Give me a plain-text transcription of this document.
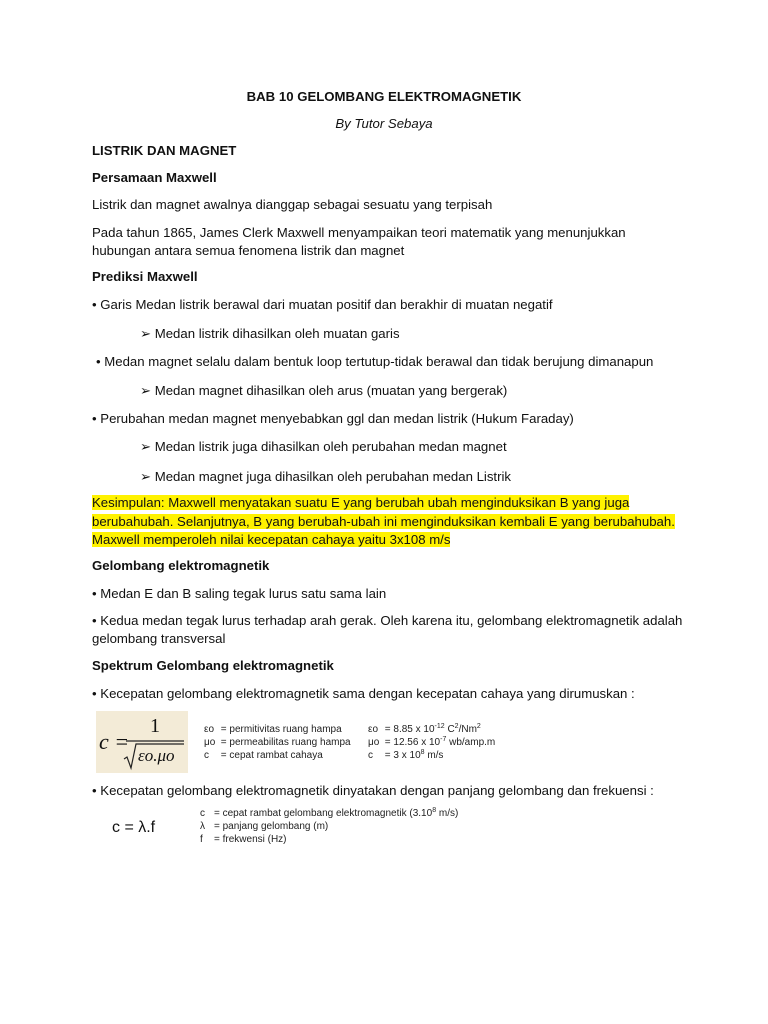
BAB 10 GELOMBANG ELEKTROMAGNETIK
By Tutor Sebaya
LISTRIK DAN MAGNET
Persamaan Maxwell
Listrik dan magnet awalnya dianggap sebagai sesuatu yang terpisah
Pada tahun 1865, James Clerk Maxwell menyampaikan teori matematik yang menunjukkan
hubungan antara semua fenomena listrik dan magnet
Prediksi Maxwell
• Garis Medan listrik berawal dari muatan positif dan berakhir di muatan negatif
➢ Medan listrik dihasilkan oleh muatan garis
• Medan magnet selalu dalam bentuk loop tertutup-tidak berawal dan tidak berujung dimanapun
➢ Medan magnet dihasilkan oleh arus (muatan yang bergerak)
• Perubahan medan magnet menyebabkan ggl dan medan listrik (Hukum Faraday)
➢ Medan listrik juga dihasilkan oleh perubahan medan magnet
➢ Medan magnet juga dihasilkan oleh perubahan medan Listrik
Kesimpulan: Maxwell menyatakan suatu E yang berubah ubah menginduksikan B yang juga
berubahubah. Selanjutnya, B yang berubah-ubah ini menginduksikan kembali E yang berubahubah.
Maxwell memperoleh nilai kecepatan cahaya yaitu 3x108 m/s
Gelombang elektromagnetik
• Medan E dan B saling tegak lurus satu sama lain
• Kedua medan tegak lurus terhadap arah gerak. Oleh karena itu, gelombang elektromagnetik adalah
gelombang transversal
Spektrum Gelombang elektromagnetik
• Kecepatan gelombang elektromagnetik sama dengan kecepatan cahaya yang dirumuskan :
c =
1
εo.μo
εo = permitivitas ruang hampa
μo = permeabilitas ruang hampa
c = cepat rambat cahaya
εo = 8.85 x $10^{-12}$ $C^2/Nm^2$
μo = 12.56 x $10^{-7}$ wb/amp.m
c = 3 x $10^8$ m/s
• Kecepatan gelombang elektromagnetik dinyatakan dengan panjang gelombang dan frekuensi :
c = λ.f
c = cepat rambat gelombang elektromagnetik (3.10$^8$ m/s)
λ = panjang gelombang (m)
f = frekwensi (Hz)
